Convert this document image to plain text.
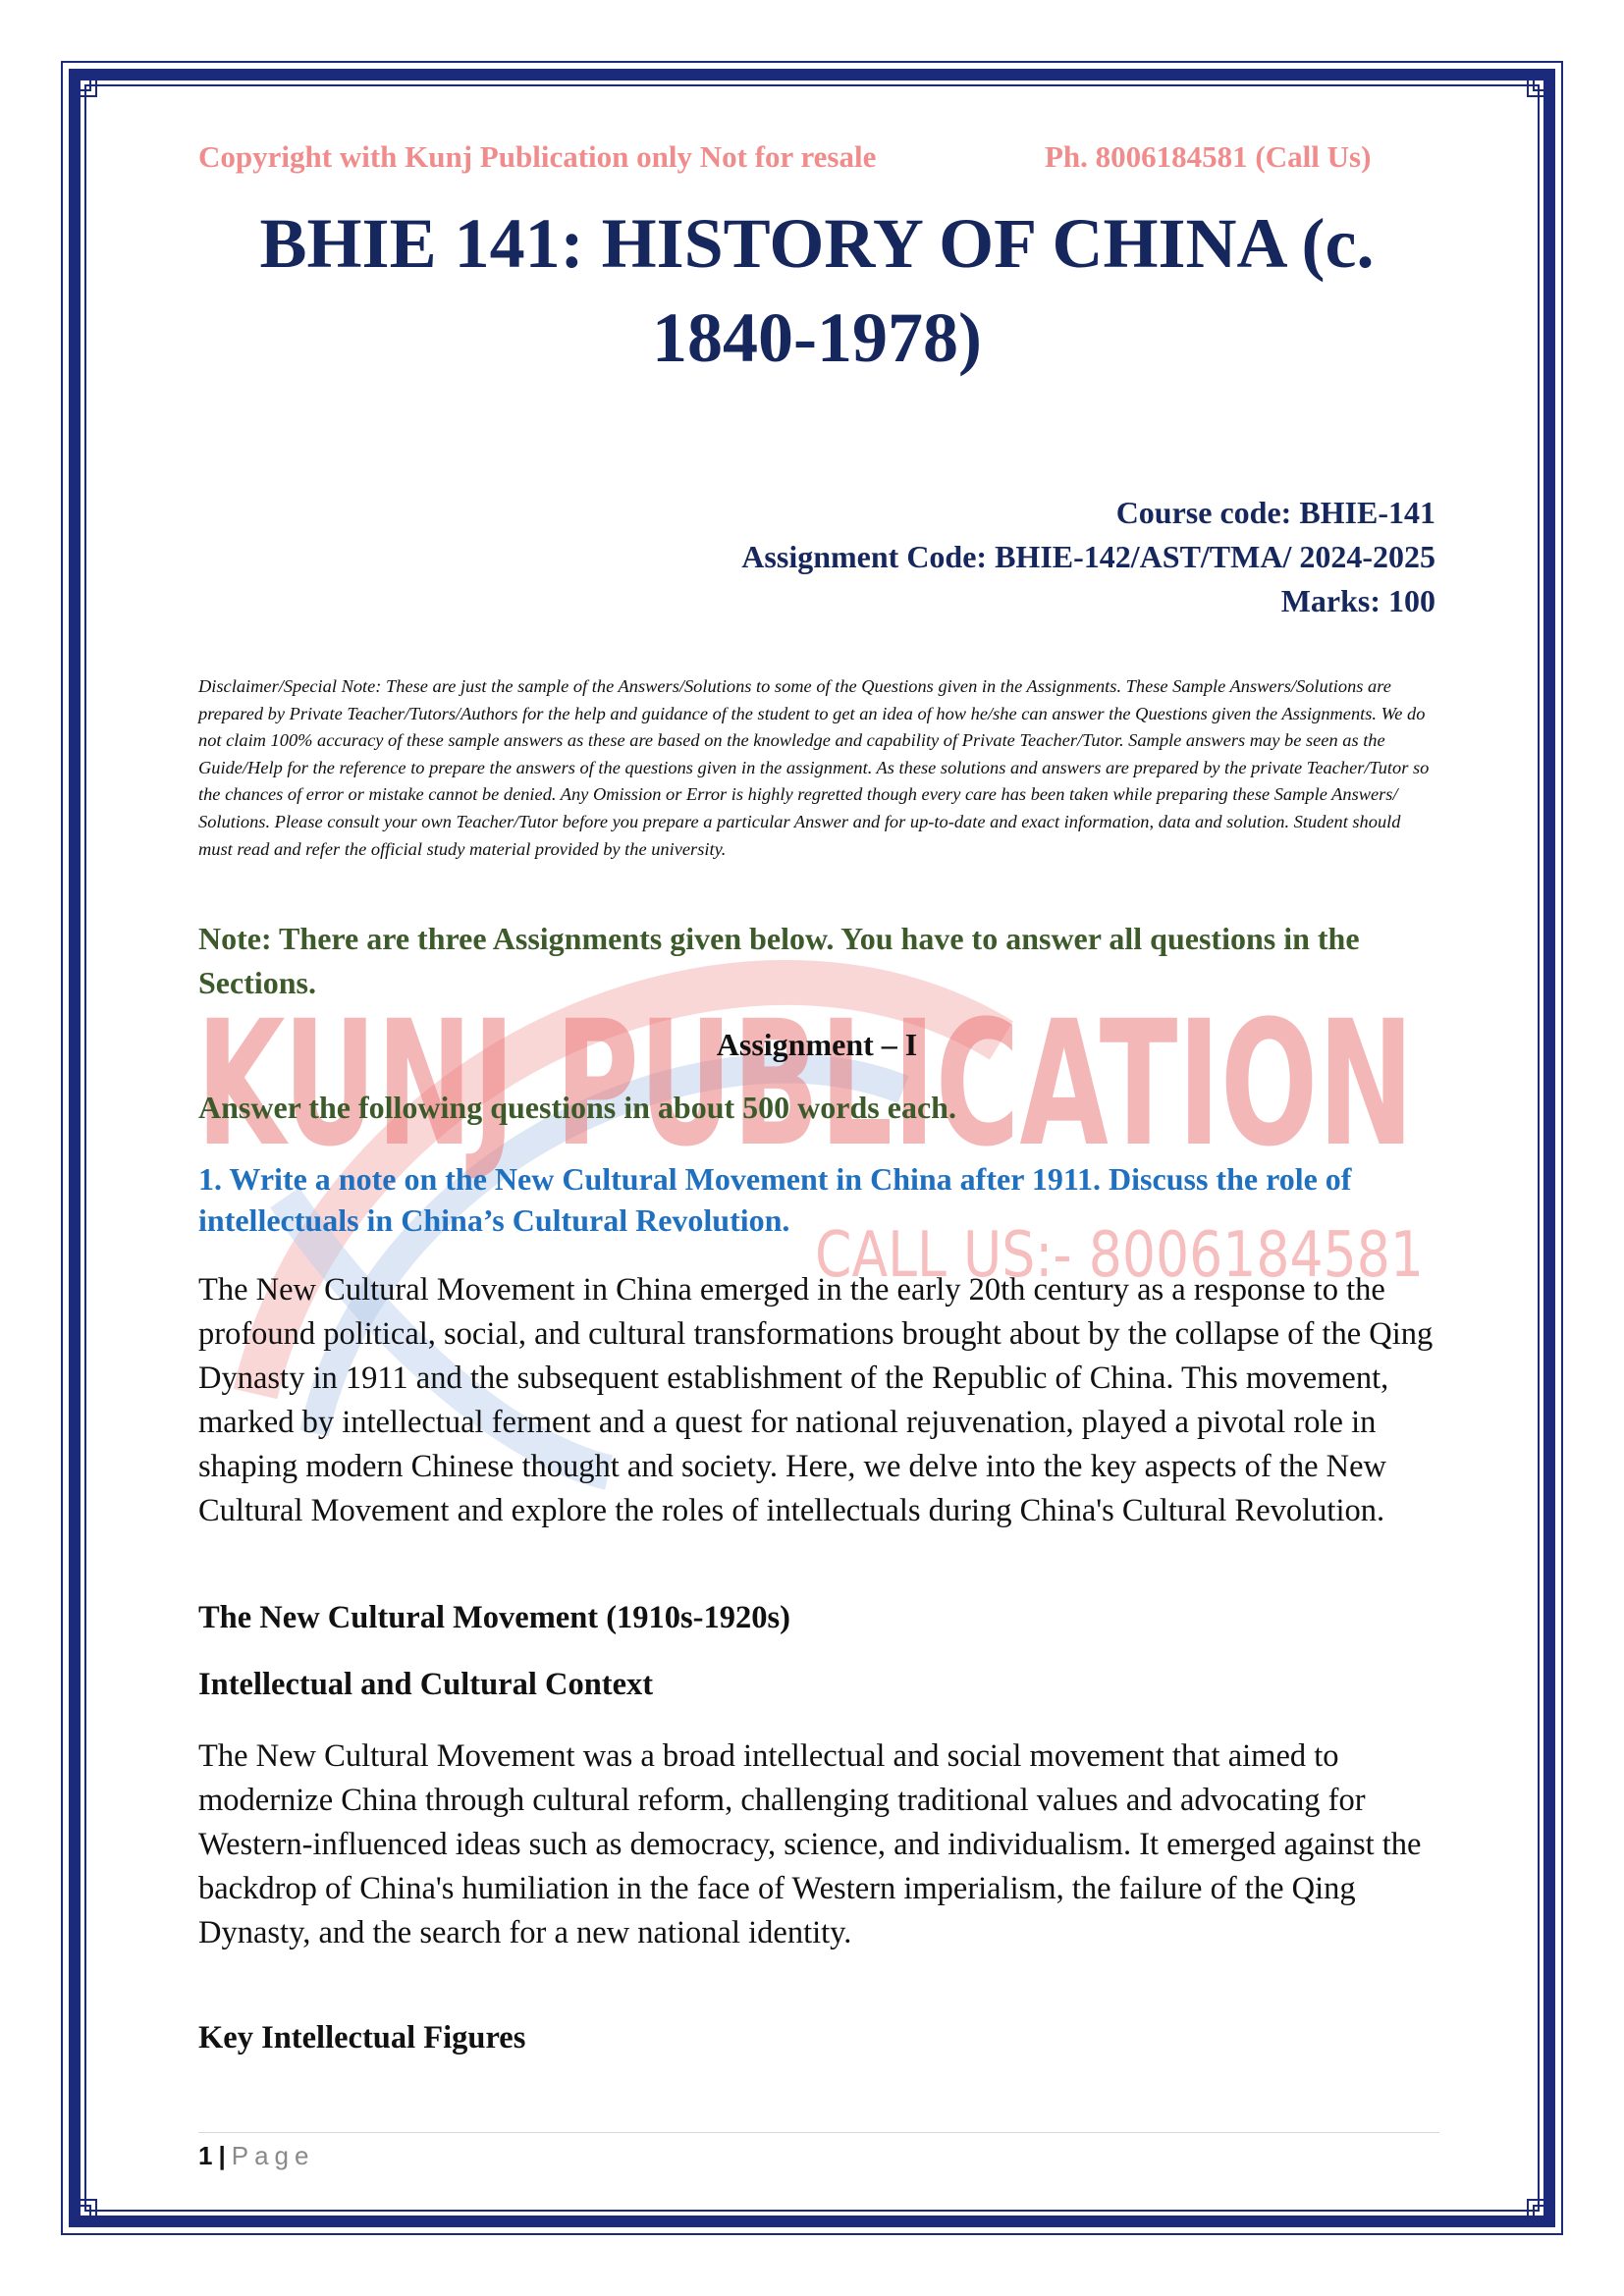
KUNJ PUBLICATION
CALL US:- 8006184581
Copyright with Kunj Publication only Not for resale	Ph. 8006184581 (Call Us)
BHIE 141: HISTORY OF CHINA (c.
1840-1978)
Course code: BHIE-141
Assignment Code: BHIE-142/AST/TMA/ 2024-2025
Marks: 100
Disclaimer/Special Note: These are just the sample of the Answers/Solutions to some of the Questions given in the Assignments. These Sample Answers/Solutions are prepared by Private Teacher/Tutors/Authors for the help and guidance of the student to get an idea of how he/she can answer the Questions given the Assignments. We do not claim 100% accuracy of these sample answers as these are based on the knowledge and capability of Private Teacher/Tutor. Sample answers may be seen as the Guide/Help for the reference to prepare the answers of the questions given in the assignment. As these solutions and answers are prepared by the private Teacher/Tutor so the chances of error or mistake cannot be denied. Any Omission or Error is highly regretted though every care has been taken while preparing these Sample Answers/ Solutions. Please consult your own Teacher/Tutor before you prepare a particular Answer and for up-to-date and exact information, data and solution. Student should must read and refer the official study material provided by the university.
Note: There are three Assignments given below. You have to answer all questions in the Sections.
Assignment – I
Answer the following questions in about 500 words each.
1. Write a note on the New Cultural Movement in China after 1911. Discuss the role of intellectuals in China’s Cultural Revolution.
The New Cultural Movement in China emerged in the early 20th century as a response to the profound political, social, and cultural transformations brought about by the collapse of the Qing Dynasty in 1911 and the subsequent establishment of the Republic of China. This movement, marked by intellectual ferment and a quest for national rejuvenation, played a pivotal role in shaping modern Chinese thought and society. Here, we delve into the key aspects of the New Cultural Movement and explore the roles of intellectuals during China's Cultural Revolution.
The New Cultural Movement (1910s-1920s)
Intellectual and Cultural Context
The New Cultural Movement was a broad intellectual and social movement that aimed to modernize China through cultural reform, challenging traditional values and advocating for Western-influenced ideas such as democracy, science, and individualism. It emerged against the backdrop of China's humiliation in the face of Western imperialism, the failure of the Qing Dynasty, and the search for a new national identity.
Key Intellectual Figures
1 | Page
